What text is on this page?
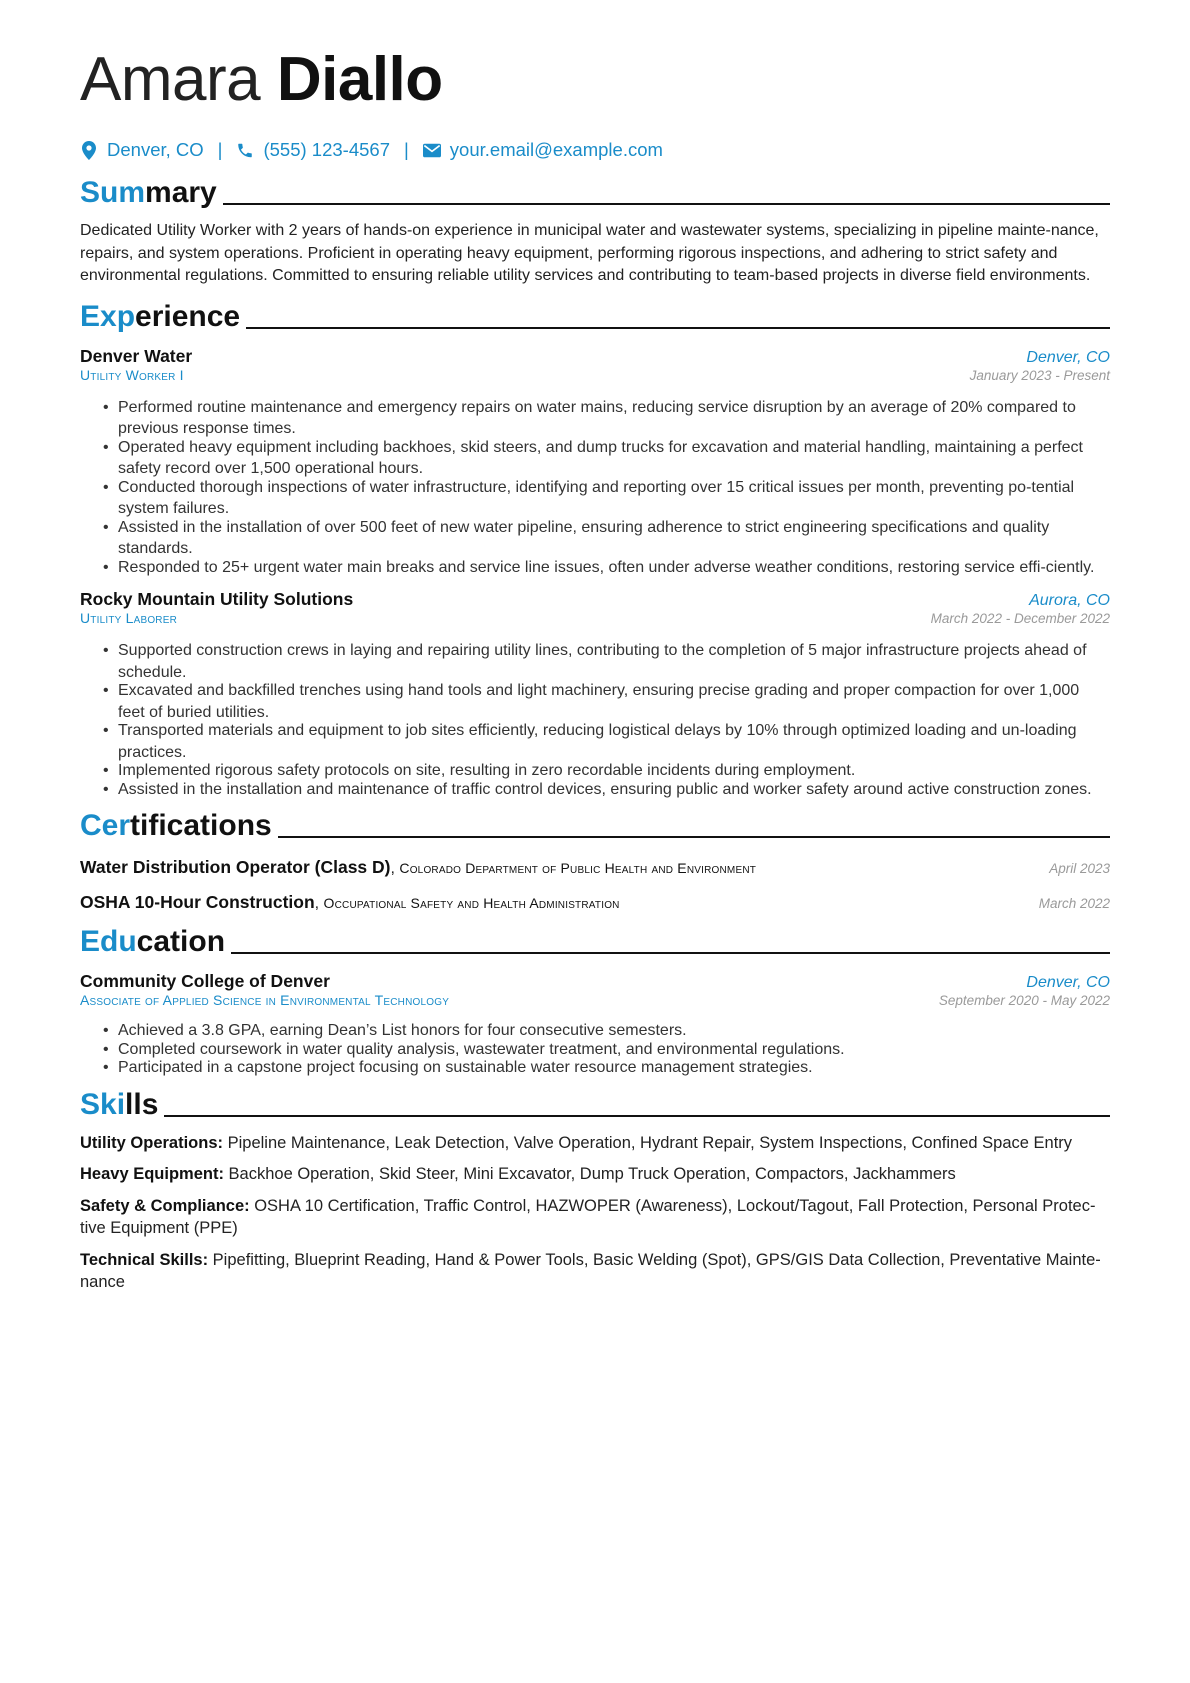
Amara Diallo
Denver, CO | (555) 123-4567 | your.email@example.com
Summary
Dedicated Utility Worker with 2 years of hands-on experience in municipal water and wastewater systems, specializing in pipeline mainte-nance, repairs, and system operations. Proficient in operating heavy equipment, performing rigorous inspections, and adhering to strict safety and environmental regulations. Committed to ensuring reliable utility services and contributing to team-based projects in diverse field environments.
Experience
Denver Water	Denver, CO
Utility Worker I	January 2023 - Present
• Performed routine maintenance and emergency repairs on water mains, reducing service disruption by an average of 20% compared to previous response times.
• Operated heavy equipment including backhoes, skid steers, and dump trucks for excavation and material handling, maintaining a perfect safety record over 1,500 operational hours.
• Conducted thorough inspections of water infrastructure, identifying and reporting over 15 critical issues per month, preventing po-tential system failures.
• Assisted in the installation of over 500 feet of new water pipeline, ensuring adherence to strict engineering specifications and quality standards.
• Responded to 25+ urgent water main breaks and service line issues, often under adverse weather conditions, restoring service effi-ciently.
Rocky Mountain Utility Solutions	Aurora, CO
Utility Laborer	March 2022 - December 2022
• Supported construction crews in laying and repairing utility lines, contributing to the completion of 5 major infrastructure projects ahead of schedule.
• Excavated and backfilled trenches using hand tools and light machinery, ensuring precise grading and proper compaction for over 1,000 feet of buried utilities.
• Transported materials and equipment to job sites efficiently, reducing logistical delays by 10% through optimized loading and un-loading practices.
• Implemented rigorous safety protocols on site, resulting in zero recordable incidents during employment.
• Assisted in the installation and maintenance of traffic control devices, ensuring public and worker safety around active construction zones.
Certifications
Water Distribution Operator (Class D), Colorado Department of Public Health and Environment	April 2023
OSHA 10-Hour Construction, Occupational Safety and Health Administration	March 2022
Education
Community College of Denver	Denver, CO
Associate of Applied Science in Environmental Technology	September 2020 - May 2022
• Achieved a 3.8 GPA, earning Dean’s List honors for four consecutive semesters.
• Completed coursework in water quality analysis, wastewater treatment, and environmental regulations.
• Participated in a capstone project focusing on sustainable water resource management strategies.
Skills
Utility Operations: Pipeline Maintenance, Leak Detection, Valve Operation, Hydrant Repair, System Inspections, Confined Space Entry
Heavy Equipment: Backhoe Operation, Skid Steer, Mini Excavator, Dump Truck Operation, Compactors, Jackhammers
Safety & Compliance: OSHA 10 Certification, Traffic Control, HAZWOPER (Awareness), Lockout/Tagout, Fall Protection, Personal Protec-tive Equipment (PPE)
Technical Skills: Pipefitting, Blueprint Reading, Hand & Power Tools, Basic Welding (Spot), GPS/GIS Data Collection, Preventative Mainte-nance
